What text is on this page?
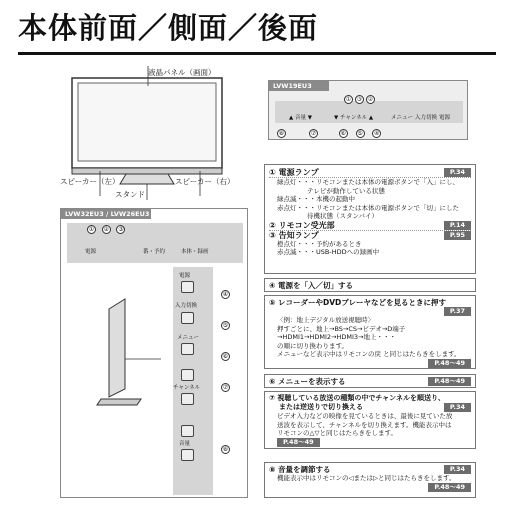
本体前面／側面／後面
液晶パネル（画面）
スピーカー（左）	スピーカー（右）
スタンド
LVW19EU3
① ③ ②
▲ 音量 ▼	▼ チャンネル ▲	メニュー 入力切換 電源
⑧	⑦	⑥ ⑤ ④
LVW32EU3 / LVW26EU3
① ② ③
電源	番・予約	本体・録画
電源
入力切換
メニュー
チャンネル
音量
④
⑤
⑥
⑦

⑧
① 電源ランプ	P.34
緑点灯・・・リモコンまたは本体の電源ボタンで「入」にし、
テレビが動作している状態
緑点滅・・・本機の起動中
赤点灯・・・リモコンまたは本体の電源ボタンで「切」にした
待機状態（スタンバイ）
② リモコン受光部	P.14
③ 告知ランプ	P.95
橙点灯・・・予約があるとき
赤点滅・・・USB-HDDへの録画中
④ 電源を「入／切」する
⑤ レコーダーやDVDプレーヤなどを見るときに押す
P.37
〈例：地上デジタル放送視聴時〉
押すごとに、地上→BS→CS→ビデオ→D端子
→HDMI1→HDMI2→HDMI3→地上・・・
の順に切り換わります。
メニューなど表示中はリモコンの戻 と同じはたらきをします。
P.48～49
⑥ メニューを表示する	P.48～49
⑦ 視聴している放送の種類の中でチャンネルを順送り、
または逆送りで切り換える	P.34
ビデオ入力などの映像を見ているときは、最後に見ていた放
送波を表示して、チャンネルを切り換えます。機能表示中は
リモコンの△▽と同じはたらきをします。
P.48～49
⑧ 音量を調節する	P.34
機能表示中はリモコンの◁または▷と同じはたらきをします。
P.48～49
